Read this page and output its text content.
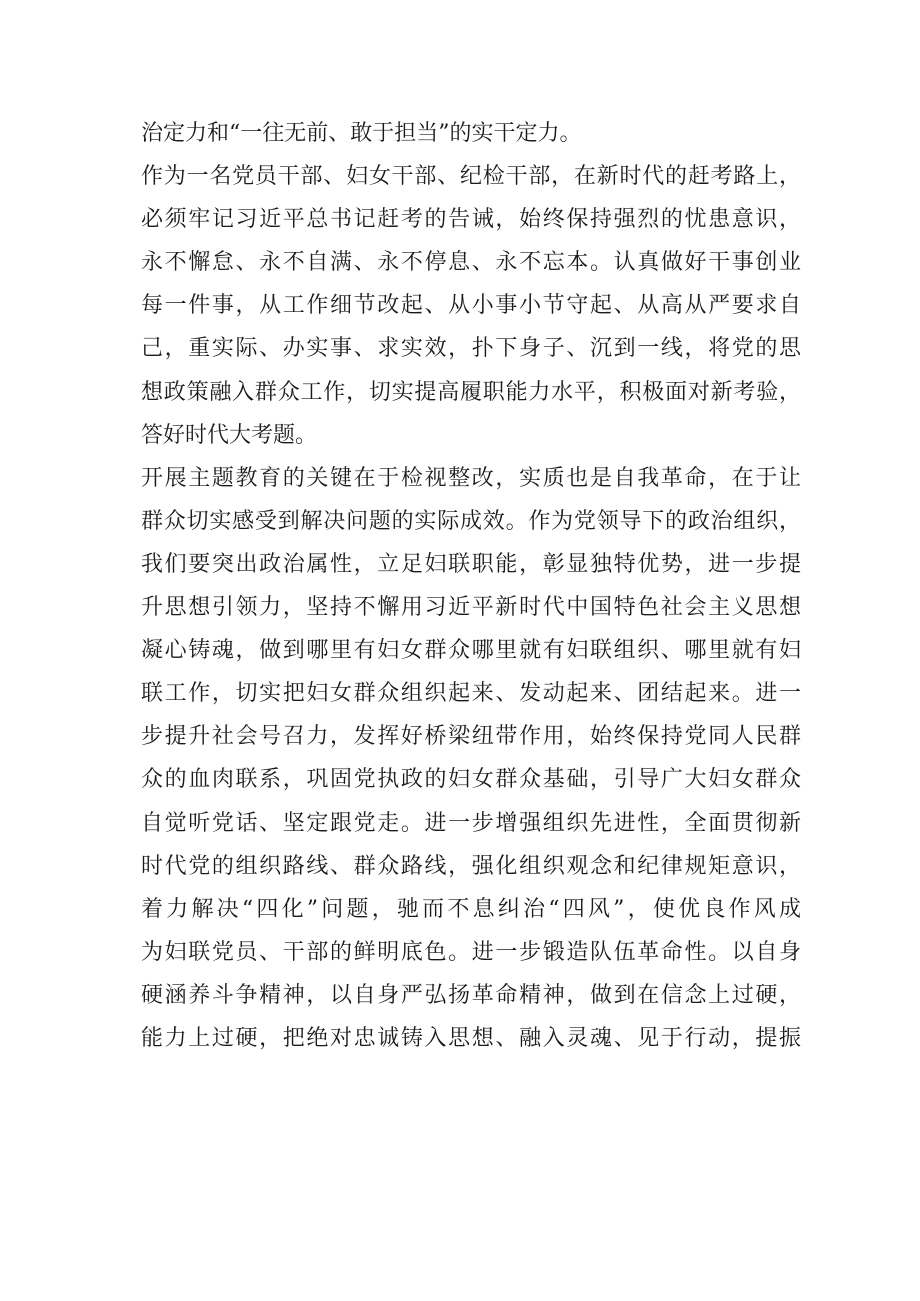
治定力和“一往无前、敢于担当”的实干定力。
作为一名党员干部、妇女干部、纪检干部，在新时代的赶考路上，
必须牢记习近平总书记赶考的告诫，始终保持强烈的忧患意识，
永不懈怠、永不自满、永不停息、永不忘本。认真做好干事创业
每一件事，从工作细节改起、从小事小节守起、从高从严要求自
己，重实际、办实事、求实效，扑下身子、沉到一线，将党的思
想政策融入群众工作，切实提高履职能力水平，积极面对新考验，
答好时代大考题。
开展主题教育的关键在于检视整改，实质也是自我革命，在于让
群众切实感受到解决问题的实际成效。作为党领导下的政治组织，
我们要突出政治属性，立足妇联职能，彰显独特优势，进一步提
升思想引领力，坚持不懈用习近平新时代中国特色社会主义思想
凝心铸魂，做到哪里有妇女群众哪里就有妇联组织、哪里就有妇
联工作，切实把妇女群众组织起来、发动起来、团结起来。进一
步提升社会号召力，发挥好桥梁纽带作用，始终保持党同人民群
众的血肉联系，巩固党执政的妇女群众基础，引导广大妇女群众
自觉听党话、坚定跟党走。进一步增强组织先进性，全面贯彻新
时代党的组织路线、群众路线，强化组织观念和纪律规矩意识，
着力解决“四化”问题，驰而不息纠治“四风”，使优良作风成
为妇联党员、干部的鲜明底色。进一步锻造队伍革命性。以自身
硬涵养斗争精神，以自身严弘扬革命精神，做到在信念上过硬，
能力上过硬，把绝对忠诚铸入思想、融入灵魂、见于行动，提振
